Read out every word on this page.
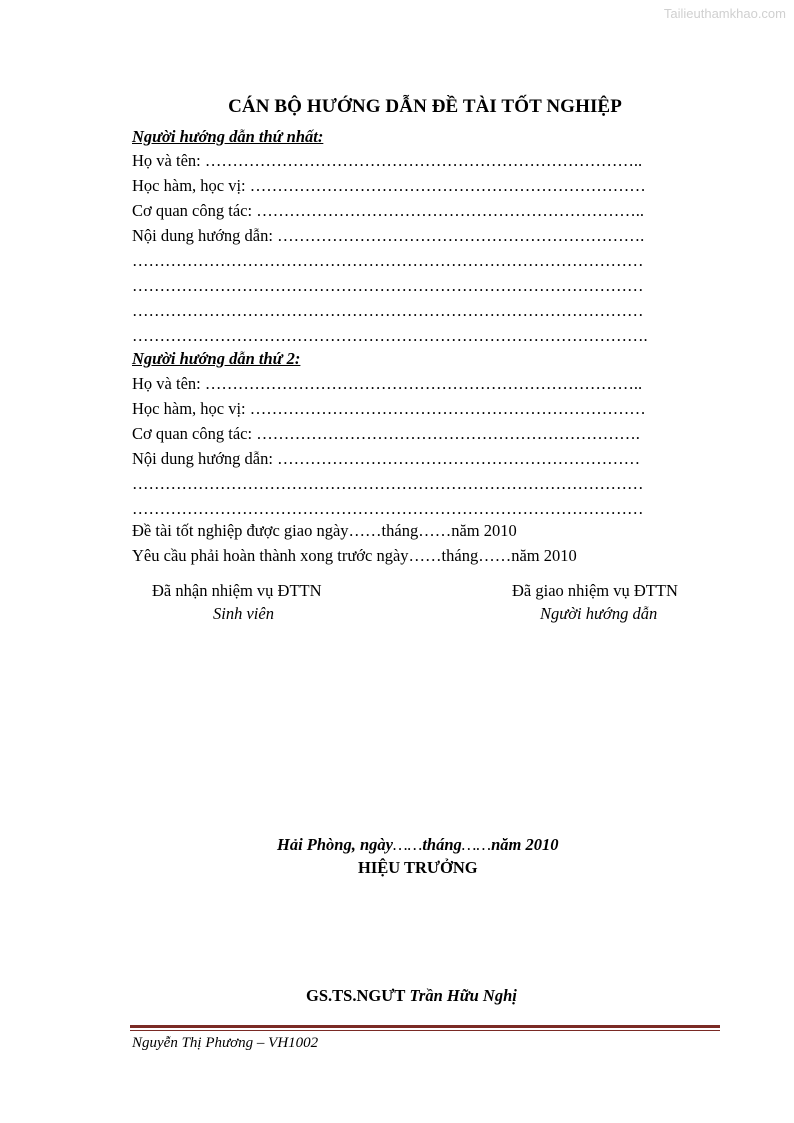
Tailieuthamkhao.com
CÁN BỘ HƯỚNG DẪN ĐỀ TÀI TỐT NGHIỆP
Người hướng dẫn thứ nhất:
Họ và tên: ……………………………………………………………………..
Học hàm, học vị: ………………………………………………………………
Cơ quan công tác: ……………………………………………………………..
Nội dung hướng dẫn: ………………………………………………………….
…………………………………………………………………………………
…………………………………………………………………………………
…………………………………………………………………………………
………………………………………………………………………………….
Người hướng dẫn thứ 2:
Họ và tên: ……………………………………………………………………..
Học hàm, học vị: ………………………………………………………………
Cơ quan công tác: …………………………………………………………….
Nội dung hướng dẫn: …………………………………………………………
…………………………………………………………………………………
…………………………………………………………………………………
Đề tài tốt nghiệp được giao ngày……tháng……năm 2010
Yêu cầu phải hoàn thành xong trước ngày……tháng……năm 2010
Đã nhận nhiệm vụ ĐTTN
Sinh viên
Đã giao nhiệm vụ ĐTTN
Người hướng dẫn
Hải Phòng, ngày……tháng……năm 2010
HIỆU TRƯỞNG
GS.TS.NGƯT Trần Hữu Nghị
Nguyễn Thị Phương – VH1002
